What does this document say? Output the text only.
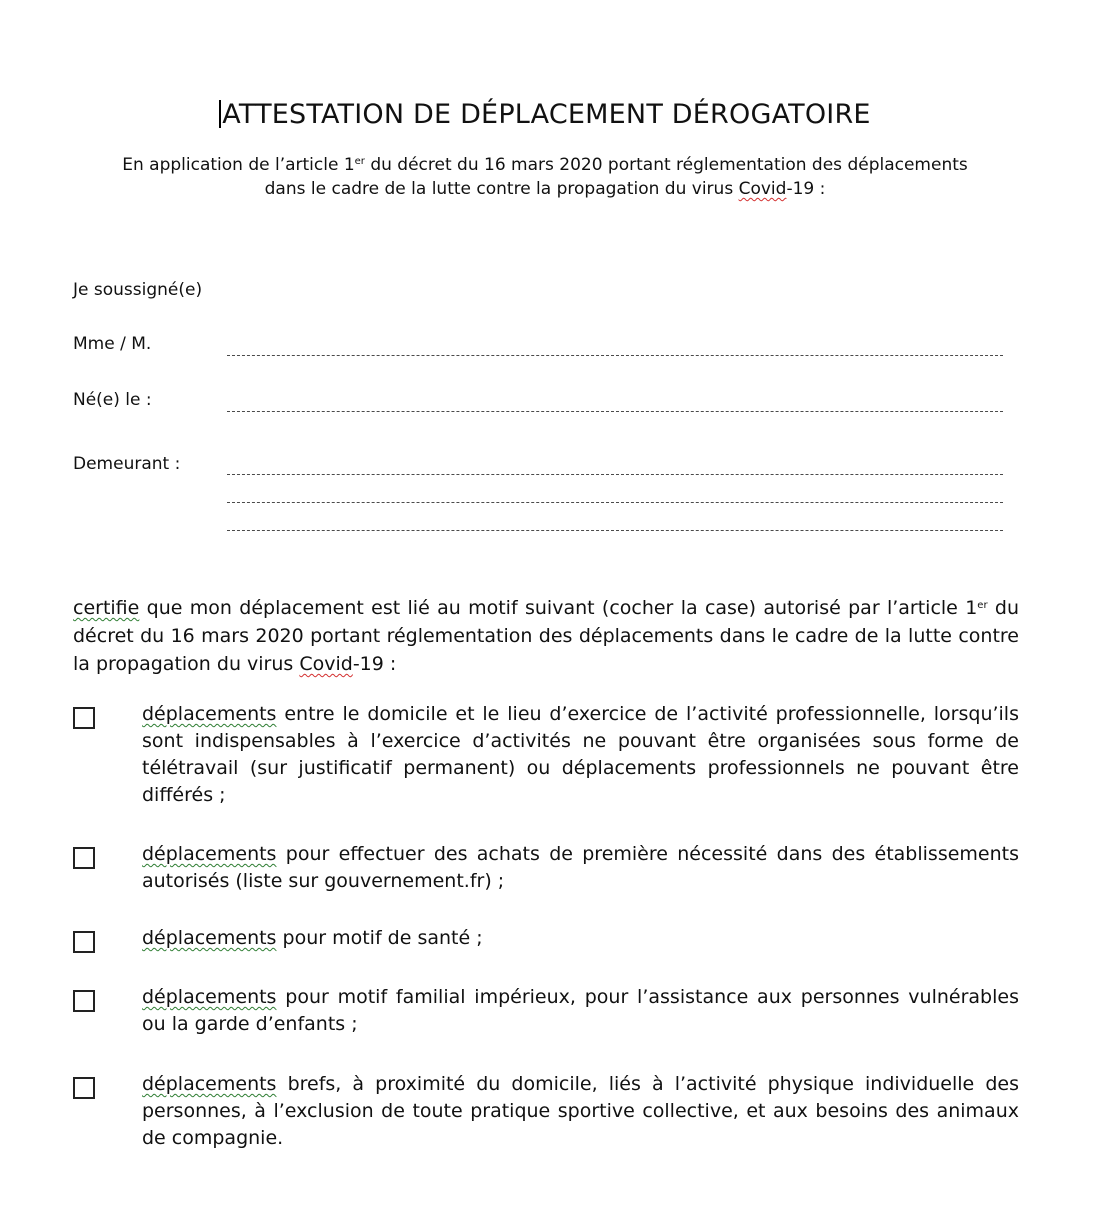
ATTESTATION DE DÉPLACEMENT DÉROGATOIRE
En application de l’article 1er du décret du 16 mars 2020 portant réglementation des déplacements dans le cadre de la lutte contre la propagation du virus Covid-19 :
Je soussigné(e)
Mme / M.
Né(e) le :
Demeurant :
certifie que mon déplacement est lié au motif suivant (cocher la case) autorisé par l’article 1er du décret du 16 mars 2020 portant réglementation des déplacements dans le cadre de la lutte contre la propagation du virus Covid-19 :
déplacements entre le domicile et le lieu d’exercice de l’activité professionnelle, lorsqu’ils sont indispensables à l’exercice d’activités ne pouvant être organisées sous forme de télétravail (sur justificatif permanent) ou déplacements professionnels ne pouvant être différés ;
déplacements pour effectuer des achats de première nécessité dans des établissements autorisés (liste sur gouvernement.fr) ;
déplacements pour motif de santé ;
déplacements pour motif familial impérieux, pour l’assistance aux personnes vulnérables ou la garde d’enfants ;
déplacements brefs, à proximité du domicile, liés à l’activité physique individuelle des personnes, à l’exclusion de toute pratique sportive collective, et aux besoins des animaux de compagnie.
